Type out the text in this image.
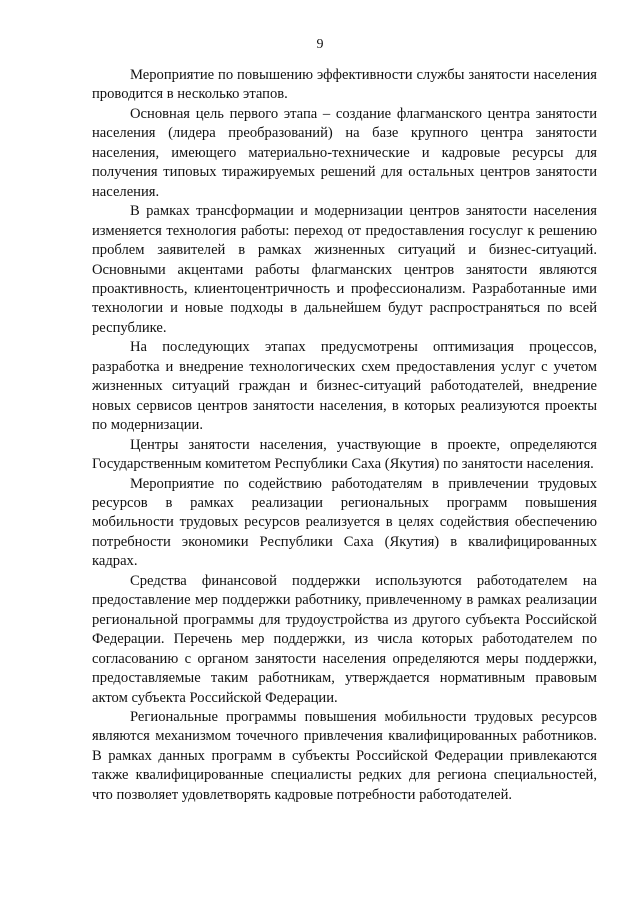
9

Мероприятие по повышению эффективности службы занятости населения проводится в несколько этапов.

Основная цель первого этапа – создание флагманского центра занятости населения (лидера преобразований) на базе крупного центра занятости населения, имеющего материально-технические и кадровые ресурсы для получения типовых тиражируемых решений для остальных центров занятости населения.

В рамках трансформации и модернизации центров занятости населения изменяется технология работы: переход от предоставления госуслуг к решению проблем заявителей в рамках жизненных ситуаций и бизнес-ситуаций. Основными акцентами работы флагманских центров занятости являются проактивность, клиентоцентричность и профессионализм. Разработанные ими технологии и новые подходы в дальнейшем будут распространяться по всей республике.

На последующих этапах предусмотрены оптимизация процессов, разработка и внедрение технологических схем предоставления услуг с учетом жизненных ситуаций граждан и бизнес-ситуаций работодателей, внедрение новых сервисов центров занятости населения, в которых реализуются проекты по модернизации.

Центры занятости населения, участвующие в проекте, определяются Государственным комитетом Республики Саха (Якутия) по занятости населения.

Мероприятие по содействию работодателям в привлечении трудовых ресурсов в рамках реализации региональных программ повышения мобильности трудовых ресурсов реализуется в целях содействия обеспечению потребности экономики Республики Саха (Якутия) в квалифицированных кадрах.

Средства финансовой поддержки используются работодателем на предоставление мер поддержки работнику, привлеченному в рамках реализации региональной программы для трудоустройства из другого субъекта Российской Федерации. Перечень мер поддержки, из числа которых работодателем по согласованию с органом занятости населения определяются меры поддержки, предоставляемые таким работникам, утверждается нормативным правовым актом субъекта Российской Федерации.

Региональные программы повышения мобильности трудовых ресурсов являются механизмом точечного привлечения квалифицированных работников. В рамках данных программ в субъекты Российской Федерации привлекаются также квалифицированные специалисты редких для региона специальностей, что позволяет удовлетворять кадровые потребности работодателей.
